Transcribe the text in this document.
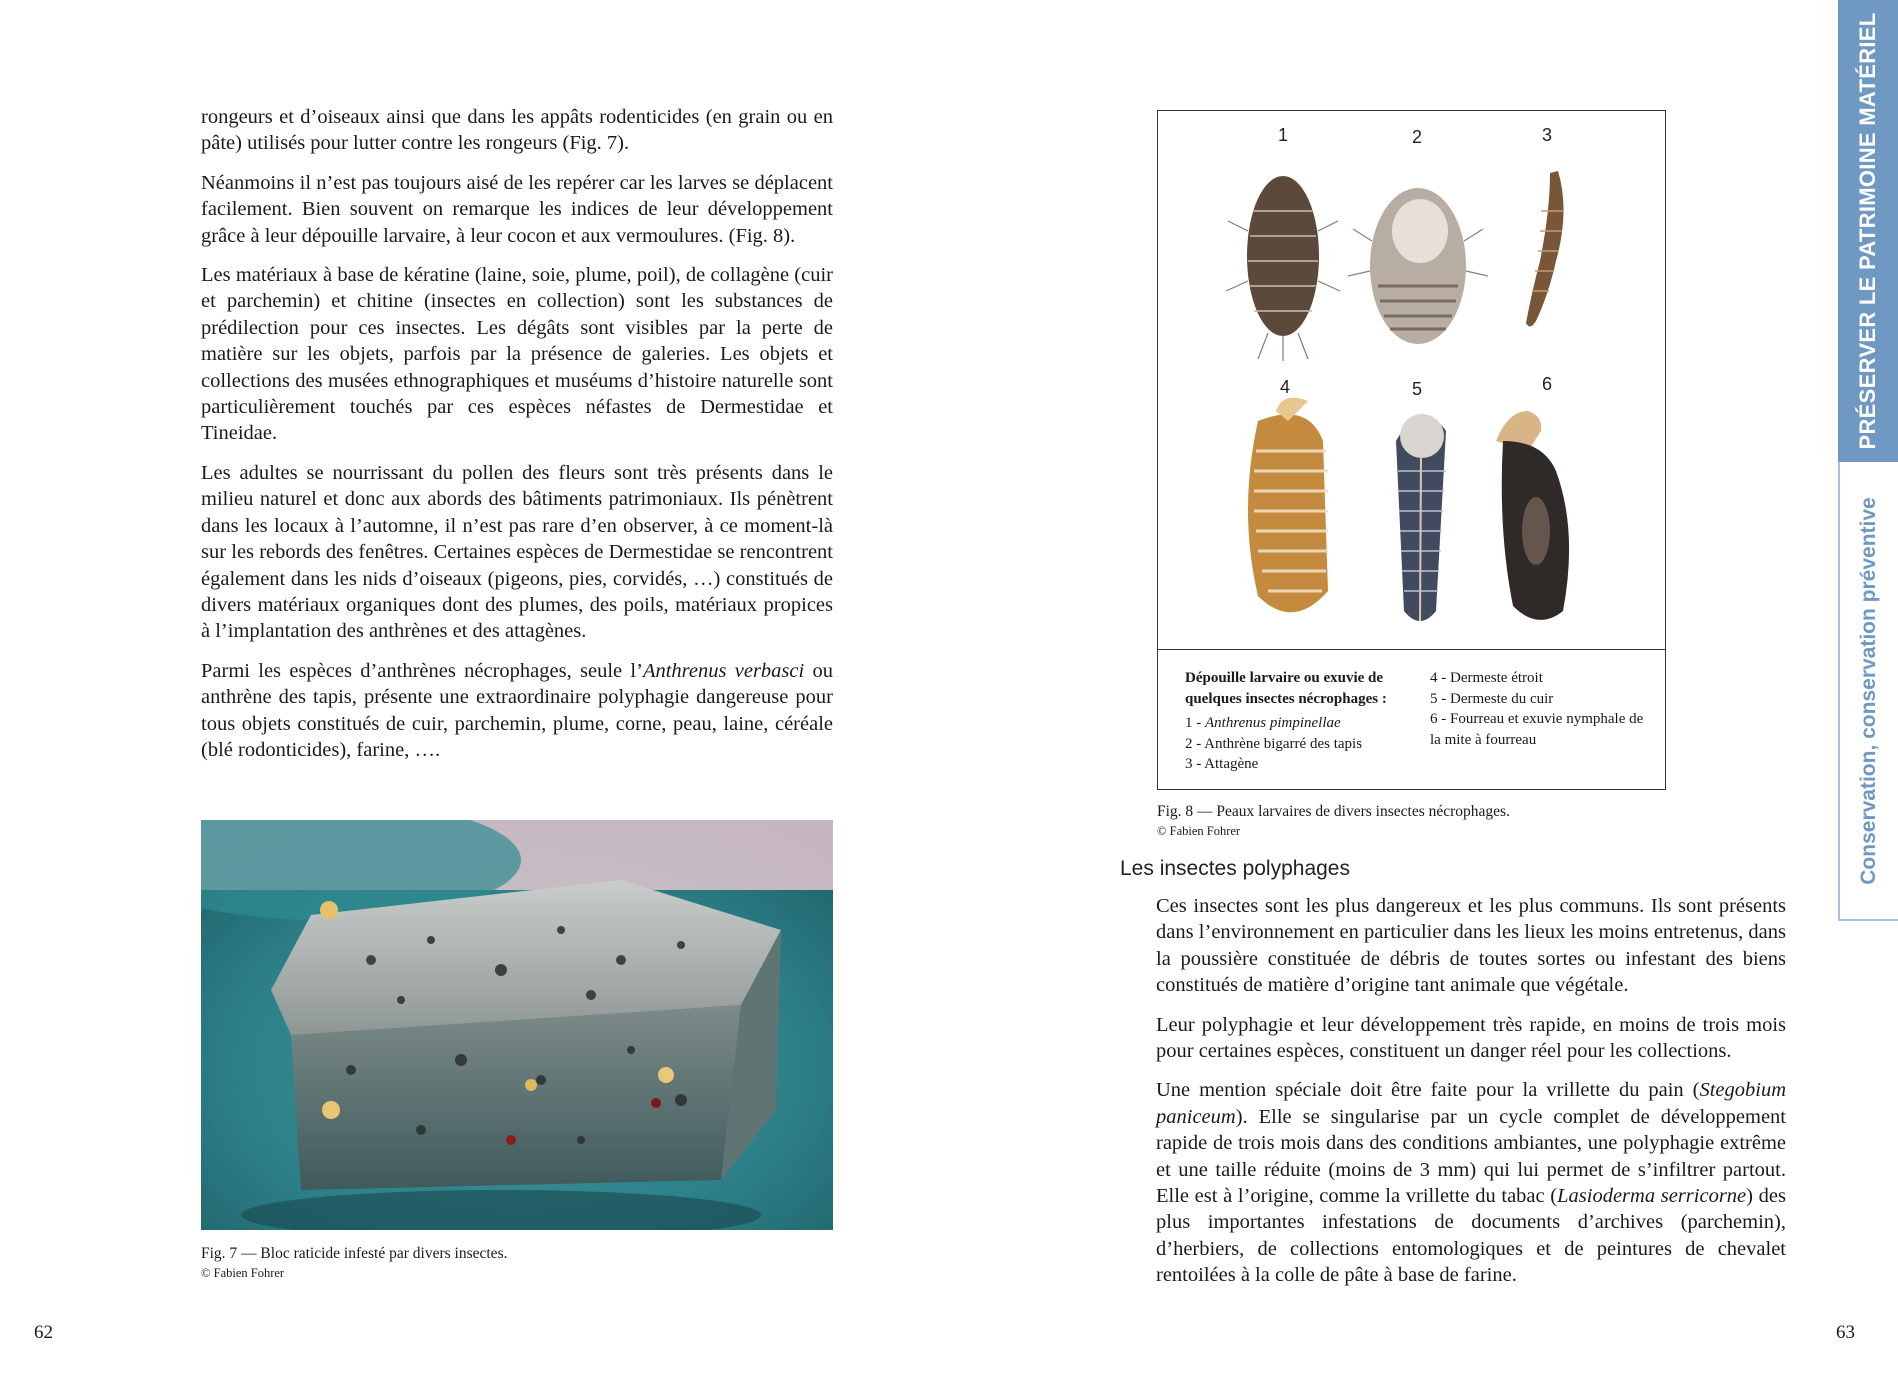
rongeurs et d’oiseaux ainsi que dans les appâts rodenticides (en grain ou en pâte) utilisés pour lutter contre les rongeurs (Fig. 7).

Néanmoins il n’est pas toujours aisé de les repérer car les larves se déplacent facilement. Bien souvent on remarque les indices de leur développement grâce à leur dépouille larvaire, à leur cocon et aux vermoulures. (Fig. 8).

Les matériaux à base de kératine (laine, soie, plume, poil), de collagène (cuir et parchemin) et chitine (insectes en collection) sont les substances de prédilection pour ces insectes. Les dégâts sont visibles par la perte de matière sur les objets, parfois par la présence de galeries. Les objets et collections des musées ethnographiques et muséums d’histoire naturelle sont particulièrement touchés par ces espèces néfastes de Dermestidae et Tineidae.

Les adultes se nourrissant du pollen des fleurs sont très présents dans le milieu naturel et donc aux abords des bâtiments patrimoniaux. Ils pénètrent dans les locaux à l’automne, il n’est pas rare d’en observer, à ce moment-là sur les rebords des fenêtres. Certaines espèces de Dermestidae se rencontrent également dans les nids d’oiseaux (pigeons, pies, corvidés, …) constitués de divers matériaux organiques dont des plumes, des poils, matériaux propices à l’implantation des anthrènes et des attagènes.

Parmi les espèces d’anthrènes nécrophages, seule l’Anthrenus verbasci ou anthrène des tapis, présente une extraordinaire polyphagie dangereuse pour tous objets constitués de cuir, parchemin, plume, corne, peau, laine, céréale (blé rodonticides), farine, ….

Fig. 7 — Bloc raticide infesté par divers insectes.
© Fabien Fohrer
62
1	2	3
4	5	6
Dépouille larvaire ou exuvie de quelques insectes nécrophages :
1 - Anthrenus pimpinellae
2 - Anthrène bigarré des tapis
3 - Attagène
4 - Dermeste étroit
5 - Dermeste du cuir
6 - Fourreau et exuvie nymphale de la mite à fourreau
Fig. 8 — Peaux larvaires de divers insectes nécrophages.
© Fabien Fohrer
Les insectes polyphages

Ces insectes sont les plus dangereux et les plus communs. Ils sont présents dans l’environnement en particulier dans les lieux les moins entretenus, dans la poussière constituée de débris de toutes sortes ou infestant des biens constitués de matière d’origine tant animale que végétale.

Leur polyphagie et leur développement très rapide, en moins de trois mois pour certaines espèces, constituent un danger réel pour les collections.

Une mention spéciale doit être faite pour la vrillette du pain (Stegobium paniceum). Elle se singularise par un cycle complet de développement rapide de trois mois dans des conditions ambiantes, une polyphagie extrême et une taille réduite (moins de 3 mm) qui lui permet de s’infiltrer partout. Elle est à l’origine, comme la vrillette du tabac (Lasioderma serricorne) des plus importantes infestations de documents d’archives (parchemin), d’herbiers, de collections entomologiques et de peintures de chevalet rentoilées à la colle de pâte à base de farine.

63
PRÉSERVER LE PATRIMOINE MATÉRIEL
Conservation, conservation préventive
